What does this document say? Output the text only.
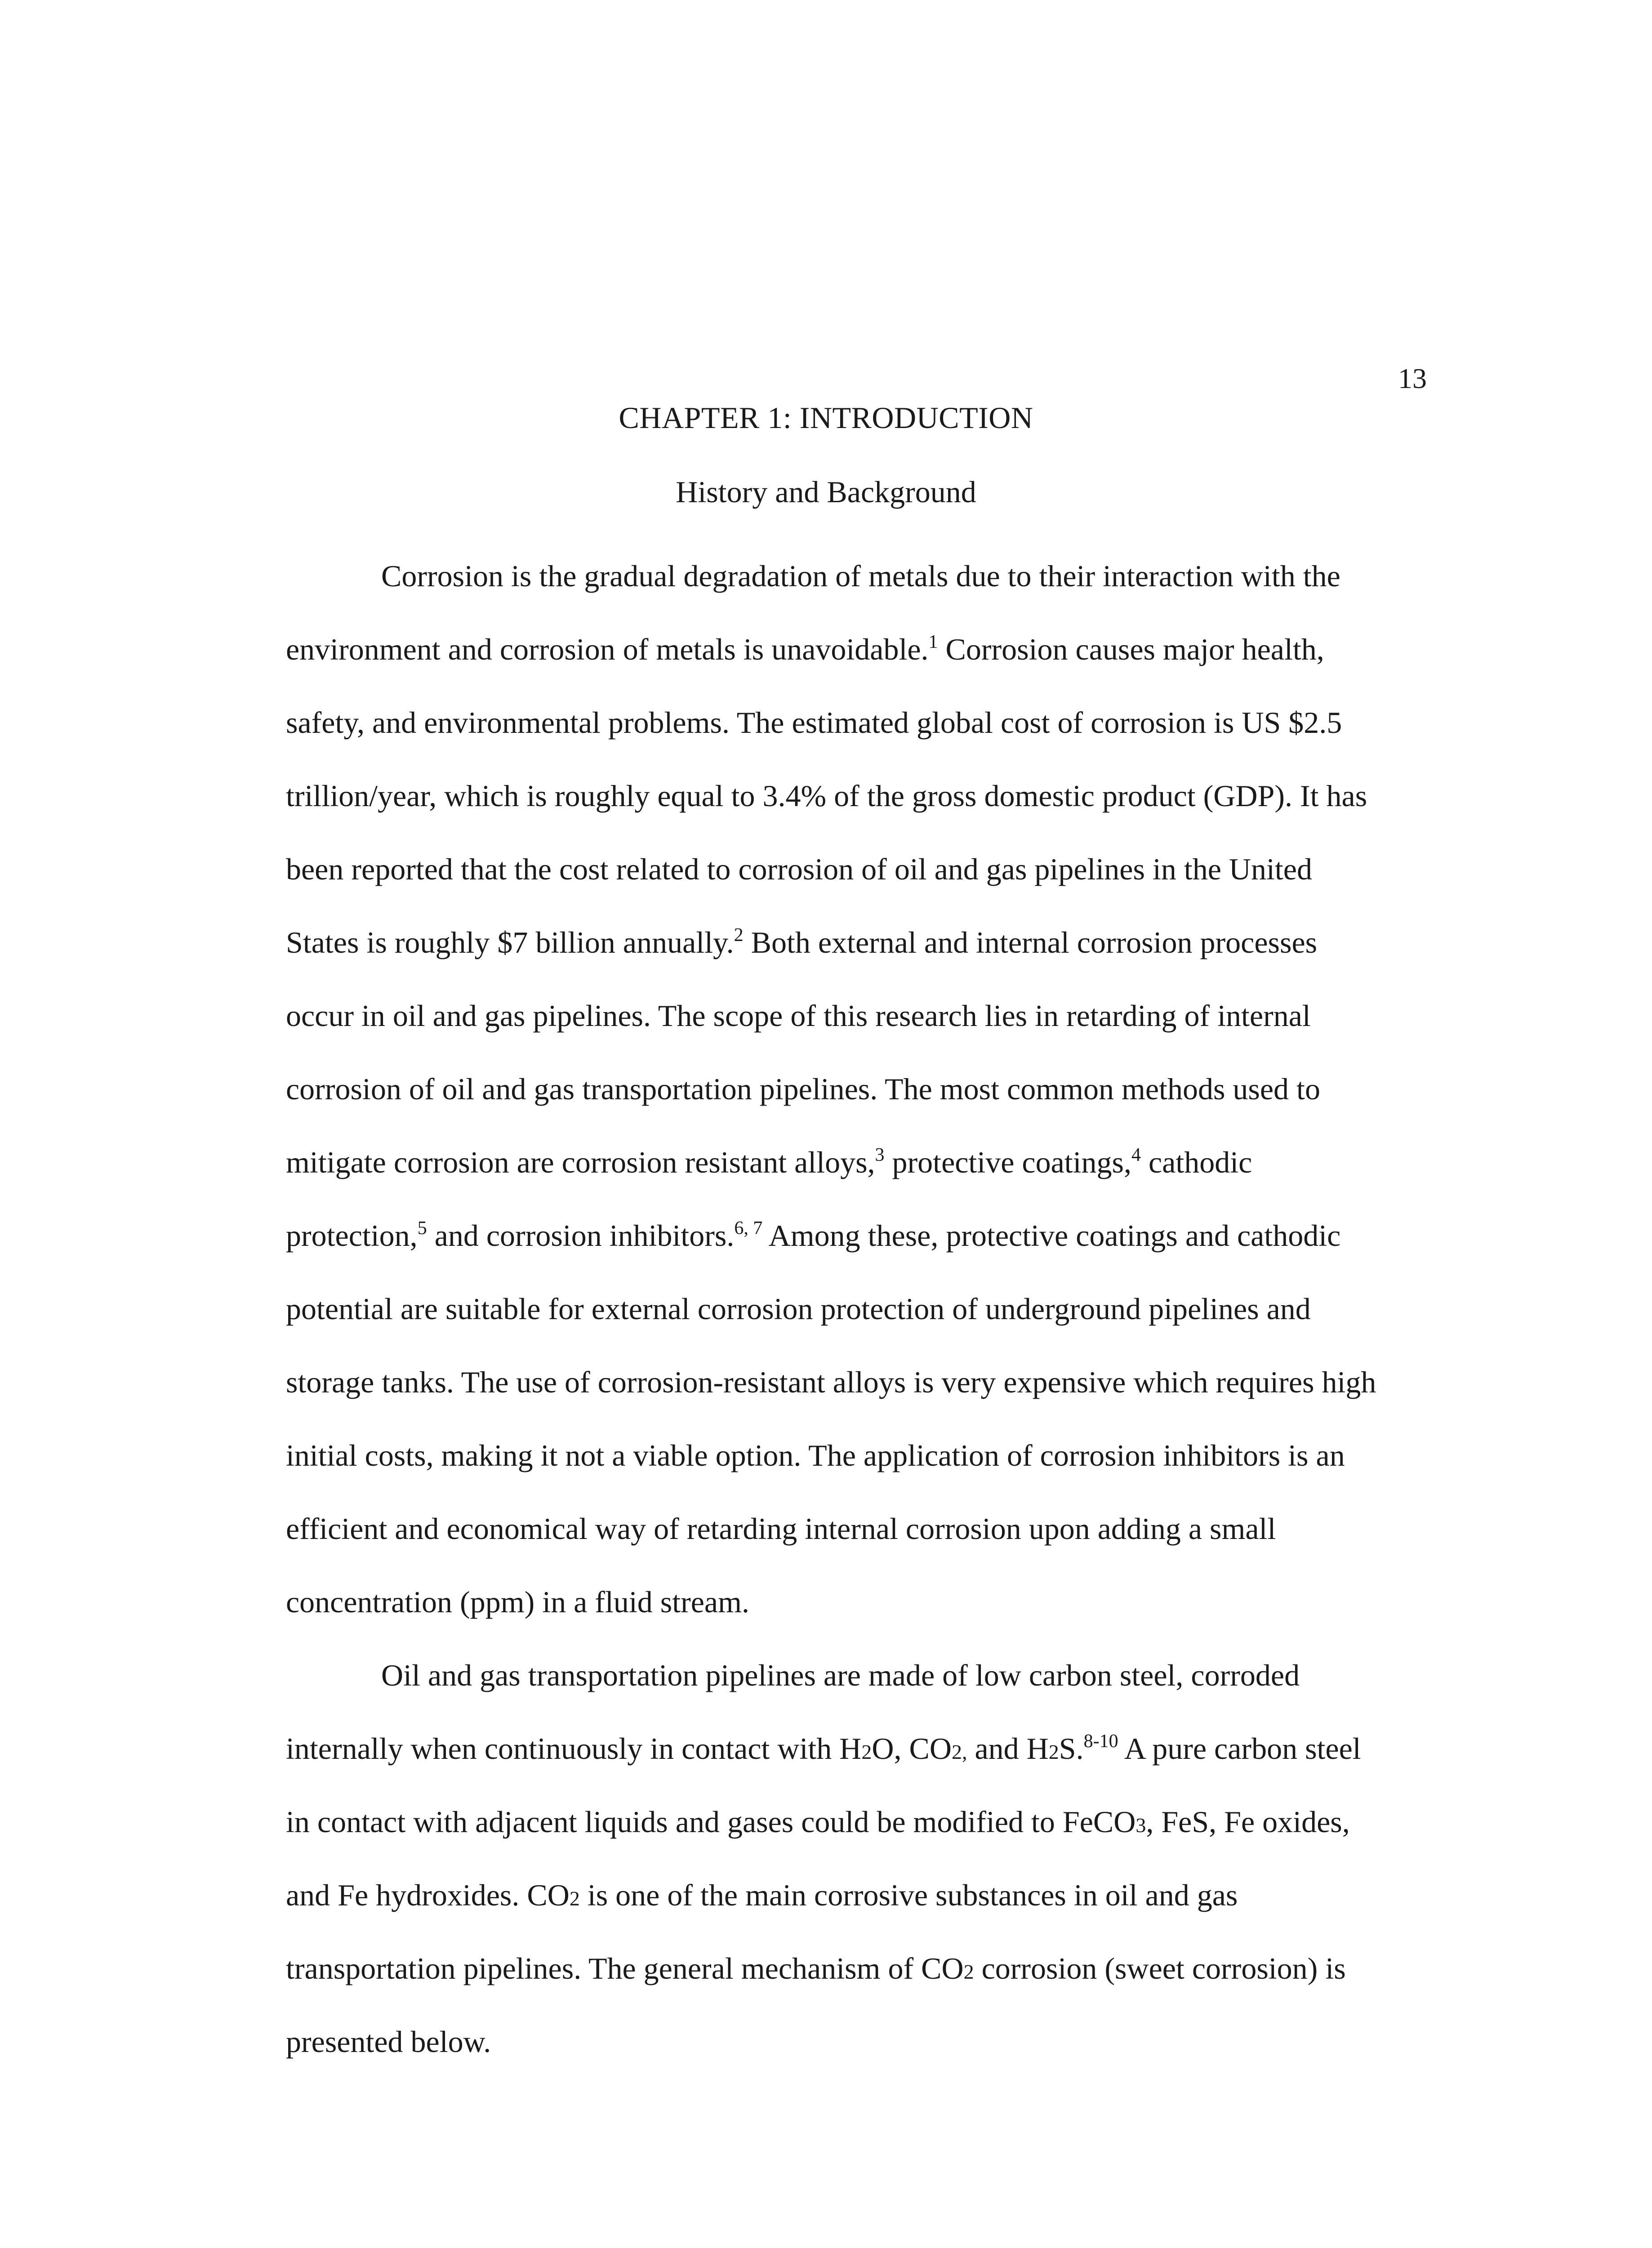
13
CHAPTER 1: INTRODUCTION
History and Background

Corrosion is the gradual degradation of metals due to their interaction with the
environment and corrosion of metals is unavoidable.$^1$ Corrosion causes major health,
safety, and environmental problems. The estimated global cost of corrosion is US $2.5
trillion/year, which is roughly equal to 3.4% of the gross domestic product (GDP). It has
been reported that the cost related to corrosion of oil and gas pipelines in the United
States is roughly $7 billion annually.$^2$ Both external and internal corrosion processes
occur in oil and gas pipelines. The scope of this research lies in retarding of internal
corrosion of oil and gas transportation pipelines. The most common methods used to
mitigate corrosion are corrosion resistant alloys,$^3$ protective coatings,$^4$ cathodic
protection,$^5$ and corrosion inhibitors.$^{6, 7}$ Among these, protective coatings and cathodic
potential are suitable for external corrosion protection of underground pipelines and
storage tanks. The use of corrosion-resistant alloys is very expensive which requires high
initial costs, making it not a viable option. The application of corrosion inhibitors is an
efficient and economical way of retarding internal corrosion upon adding a small
concentration (ppm) in a fluid stream.

Oil and gas transportation pipelines are made of low carbon steel, corroded
internally when continuously in contact with H2O, CO2, and H2S.$^{8-10}$ A pure carbon steel
in contact with adjacent liquids and gases could be modified to FeCO3, FeS, Fe oxides,
and Fe hydroxides. CO2 is one of the main corrosive substances in oil and gas
transportation pipelines. The general mechanism of CO2 corrosion (sweet corrosion) is
presented below.
